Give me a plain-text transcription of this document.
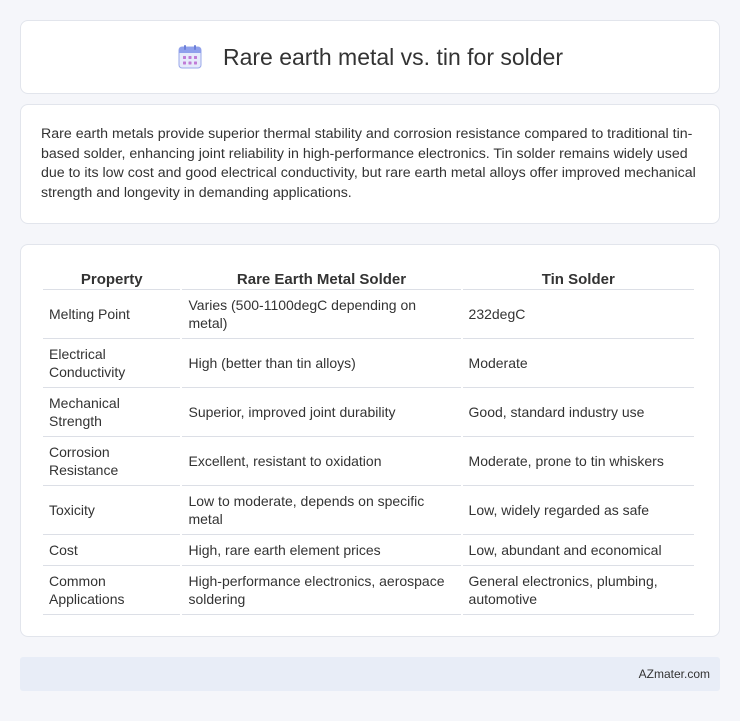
Rare earth metal vs. tin for solder

Rare earth metals provide superior thermal stability and corrosion resistance compared to traditional tin-based solder, enhancing joint reliability in high-performance electronics. Tin solder remains widely used due to its low cost and good electrical conductivity, but rare earth metal alloys offer improved mechanical strength and longevity in demanding applications.

Property	Rare Earth Metal Solder	Tin Solder
Melting Point	Varies (500-1100degC depending on metal)	232degC
Electrical Conductivity	High (better than tin alloys)	Moderate
Mechanical Strength	Superior, improved joint durability	Good, standard industry use
Corrosion Resistance	Excellent, resistant to oxidation	Moderate, prone to tin whiskers
Toxicity	Low to moderate, depends on specific metal	Low, widely regarded as safe
Cost	High, rare earth element prices	Low, abundant and economical
Common Applications	High-performance electronics, aerospace soldering	General electronics, plumbing, automotive
AZmater.com
